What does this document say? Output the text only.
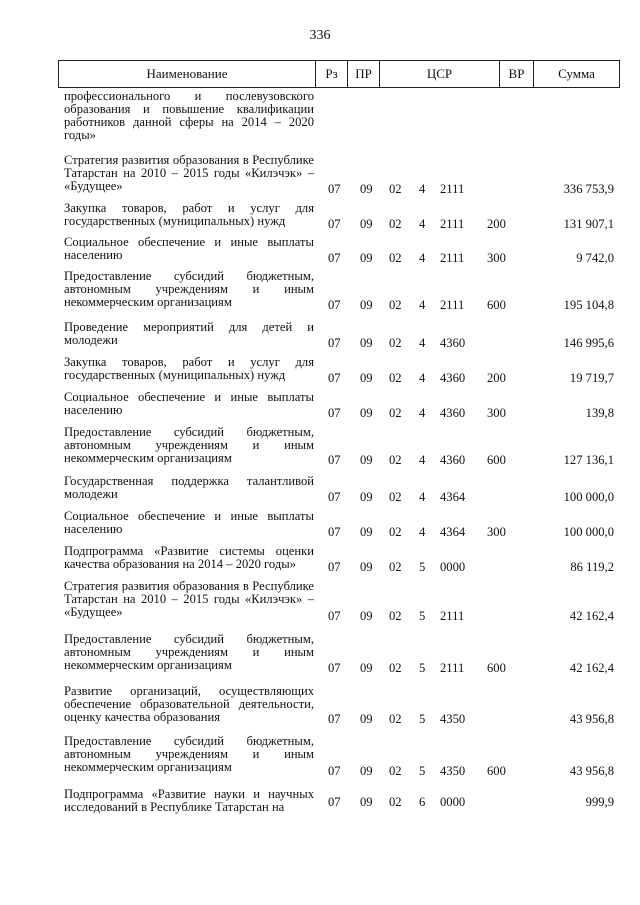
336
Наименование	Рз	ПР	ЦСР	ВР	Сумма
профессионального и послевузовского образования и повышение квалификации работников данной сферы на 2014 – 2020 годы»
Стратегия развития образования в Республике Татарстан на 2010 – 2015 годы «Килэчэк» – «Будущее»	07 09 02 4 2111	336 753,9
Закупка товаров, работ и услуг для государственных (муниципальных) нужд	07 09 02 4 2111 200	131 907,1
Социальное обеспечение и иные выплаты населению	07 09 02 4 2111 300	9 742,0
Предоставление субсидий бюджетным, автономным учреждениям и иным некоммерческим организациям	07 09 02 4 2111 600	195 104,8
Проведение мероприятий для детей и молодежи	07 09 02 4 4360	146 995,6
Закупка товаров, работ и услуг для государственных (муниципальных) нужд	07 09 02 4 4360 200	19 719,7
Социальное обеспечение и иные выплаты населению	07 09 02 4 4360 300	139,8
Предоставление субсидий бюджетным, автономным учреждениям и иным некоммерческим организациям	07 09 02 4 4360 600	127 136,1
Государственная поддержка талантливой молодежи	07 09 02 4 4364	100 000,0
Социальное обеспечение и иные выплаты населению	07 09 02 4 4364 300	100 000,0
Подпрограмма «Развитие системы оценки качества образования на 2014 – 2020 годы»	07 09 02 5 0000	86 119,2
Стратегия развития образования в Республике Татарстан на 2010 – 2015 годы «Килэчэк» – «Будущее»	07 09 02 5 2111	42 162,4
Предоставление субсидий бюджетным, автономным учреждениям и иным некоммерческим организациям	07 09 02 5 2111 600	42 162,4
Развитие организаций, осуществляющих обеспечение образовательной деятельности, оценку качества образования	07 09 02 5 4350	43 956,8
Предоставление субсидий бюджетным, автономным учреждениям и иным некоммерческим организациям	07 09 02 5 4350 600	43 956,8
Подпрограмма «Развитие науки и научных исследований в Республике Татарстан на	07 09 02 6 0000	999,9
